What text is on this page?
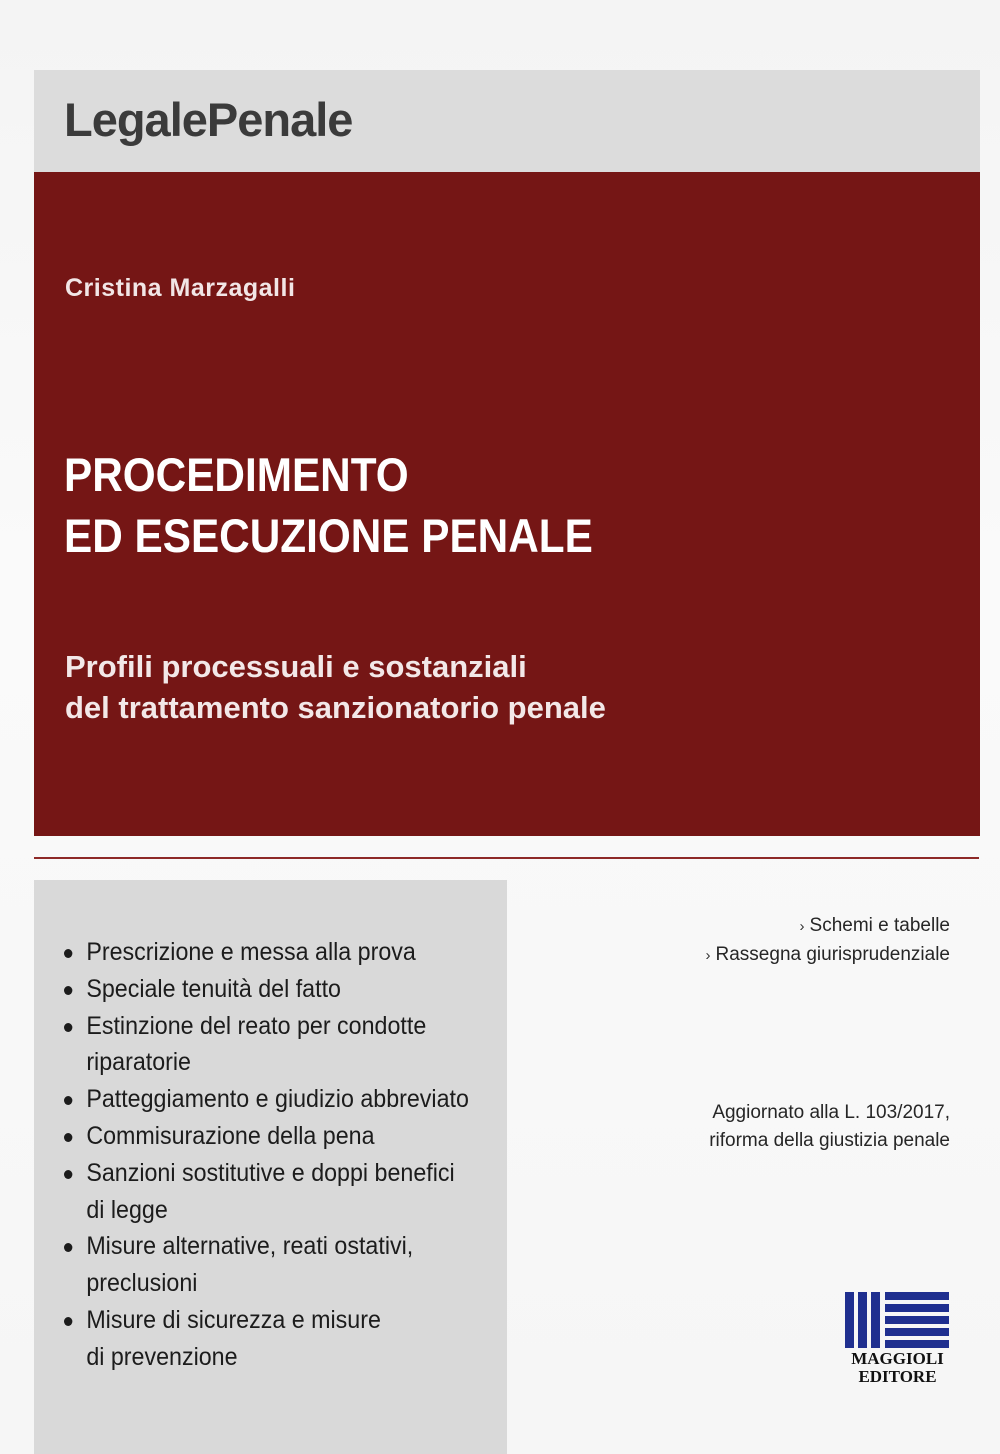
LegalePenale
Cristina Marzagalli
PROCEDIMENTO
ED ESECUZIONE PENALE
Profili processuali e sostanziali
del trattamento sanzionatorio penale
Prescrizione e messa alla prova
Speciale tenuità del fatto
Estinzione del reato per condotte
riparatorie
Patteggiamento e giudizio abbreviato
Commisurazione della pena
Sanzioni sostitutive e doppi benefici
di legge
Misure alternative, reati ostativi,
preclusioni
Misure di sicurezza e misure
di prevenzione
› Schemi e tabelle
› Rassegna giurisprudenziale
Aggiornato alla L. 103/2017,
riforma della giustizia penale
MAGGIOLI
EDITORE
